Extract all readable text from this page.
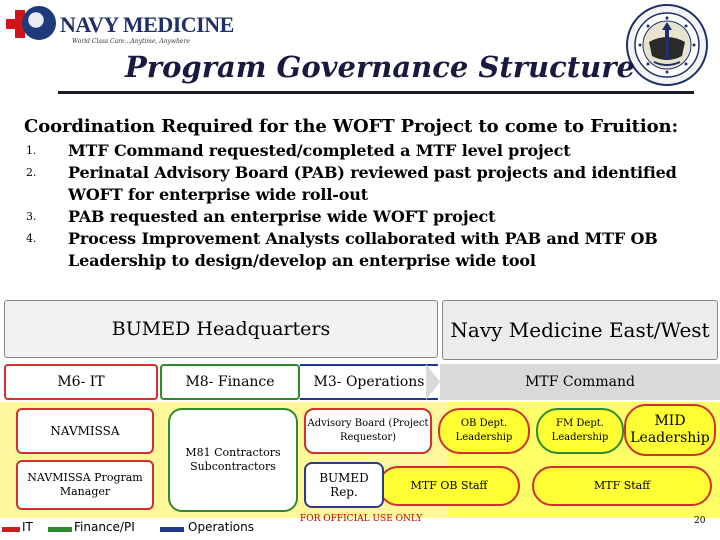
NAVY MEDICINE
World Class Care...Anytime, Anywhere
Program Governance Structure
Coordination Required for the WOFT Project to come to Fruition:
1. MTF Command requested/completed a MTF level project
2. Perinatal Advisory Board (PAB) reviewed past projects and identified WOFT for enterprise wide roll-out
3. PAB requested an enterprise wide WOFT project
4. Process Improvement Analysts collaborated with PAB and MTF OB Leadership to design/develop an enterprise wide tool
BUMED Headquarters	Navy Medicine East/West
M6- IT	M8- Finance	M3- Operations	MTF Command
NAVMISSA
NAVMISSA Program Manager
M81 Contractors Subcontractors
Advisory Board (Project Requestor)
MTF OB Staff
BUMED Rep.
OB Dept. Leadership
FM Dept. Leadership
MID Leadership
MTF Staff
IT	Finance/PI	Operations
FOR OFFICIAL USE ONLY	20
